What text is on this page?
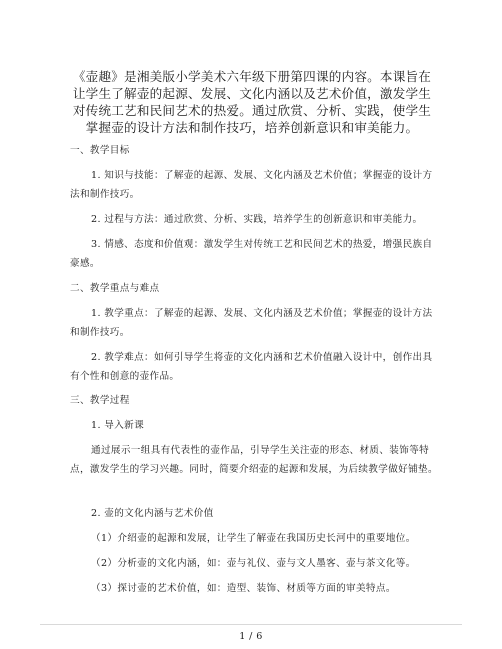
《壶趣》是湘美版小学美术六年级下册第四课的内容。本课旨在让学生了解壶的起源、发展、文化内涵以及艺术价值，激发学生对传统工艺和民间艺术的热爱。通过欣赏、分析、实践，使学生掌握壶的设计方法和制作技巧，培养创新意识和审美能力。
一、教学目标
1. 知识与技能：了解壶的起源、发展、文化内涵及艺术价值；掌握壶的设计方法和制作技巧。
2. 过程与方法：通过欣赏、分析、实践，培养学生的创新意识和审美能力。
3. 情感、态度和价值观：激发学生对传统工艺和民间艺术的热爱，增强民族自豪感。
二、教学重点与难点
1. 教学重点：了解壶的起源、发展、文化内涵及艺术价值；掌握壶的设计方法和制作技巧。
2. 教学难点：如何引导学生将壶的文化内涵和艺术价值融入设计中，创作出具有个性和创意的壶作品。
三、教学过程
1. 导入新课
通过展示一组具有代表性的壶作品，引导学生关注壶的形态、材质、装饰等特点，激发学生的学习兴趣。同时，简要介绍壶的起源和发展，为后续教学做好铺垫。
2. 壶的文化内涵与艺术价值
（1）介绍壶的起源和发展，让学生了解壶在我国历史长河中的重要地位。
（2）分析壶的文化内涵，如：壶与礼仪、壶与文人墨客、壶与茶文化等。
（3）探讨壶的艺术价值，如：造型、装饰、材质等方面的审美特点。
1 / 6
